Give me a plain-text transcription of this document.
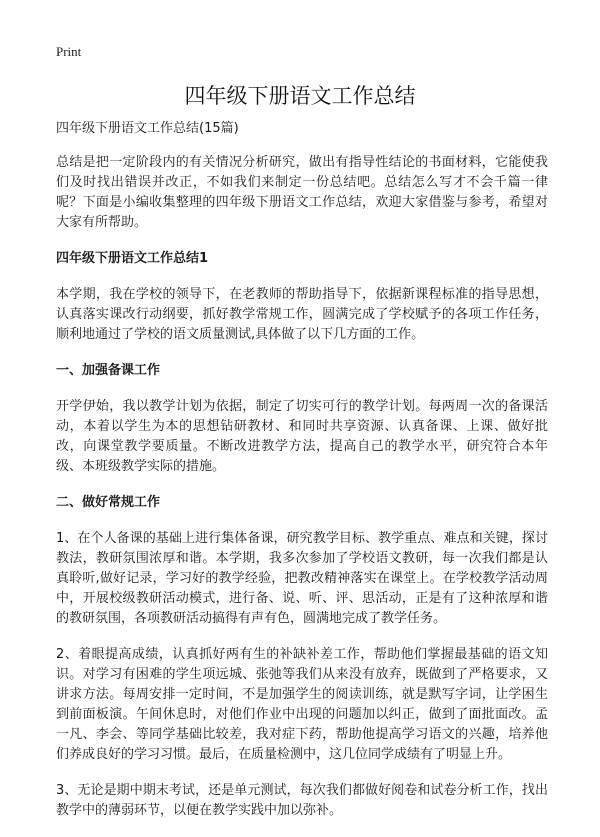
Print
四年级下册语文工作总结

四年级下册语文工作总结(15篇)

总结是把一定阶段内的有关情况分析研究，做出有指导性结论的书面材料，它能使我们及时找出错误并改正，不如我们来制定一份总结吧。总结怎么写才不会千篇一律呢？下面是小编收集整理的四年级下册语文工作总结，欢迎大家借鉴与参考，希望对大家有所帮助。

四年级下册语文工作总结1

本学期，我在学校的领导下，在老教师的帮助指导下，依据新课程标准的指导思想，认真落实课改行动纲要，抓好教学常规工作，圆满完成了学校赋予的各项工作任务，顺利地通过了学校的语文质量测试,具体做了以下几方面的工作。

一、加强备课工作

开学伊始，我以教学计划为依据，制定了切实可行的教学计划。每两周一次的备课活动，本着以学生为本的思想钻研教材、和同时共享资源、认真备课、上课、做好批改，向课堂教学要质量。不断改进教学方法，提高自己的教学水平，研究符合本年级、本班级教学实际的措施。

二、做好常规工作

1、在个人备课的基础上进行集体备课，研究教学目标、教学重点、难点和关键，探讨教法，教研氛围浓厚和谐。本学期，我多次参加了学校语文教研，每一次我们都是认真聆听,做好记录，学习好的教学经验，把教改精神落实在课堂上。在学校教学活动周中，开展校级教研活动模式，进行备、说、听、评、思活动，正是有了这种浓厚和谐的教研氛围，各项教研活动搞得有声有色，圆满地完成了教学任务。

2、着眼提高成绩，认真抓好两有生的补缺补差工作，帮助他们掌握最基础的语文知识。对学习有困难的学生项远城、张弛等我们从来没有放弃，既做到了严格要求，又讲求方法。每周安排一定时间，不是加强学生的阅读训练，就是默写字词，让学困生到前面板演。午间休息时，对他们作业中出现的问题加以纠正，做到了面批面改。孟一凡、李会、等同学基础比较差，我对症下药，帮助他提高学习语文的兴趣，培养他们养成良好的学习习惯。最后，在质量检测中，这几位同学成绩有了明显上升。

3、无论是期中期末考试，还是单元测试，每次我们都做好阅卷和试卷分析工作，找出教学中的薄弱环节，以便在教学实践中加以弥补。
